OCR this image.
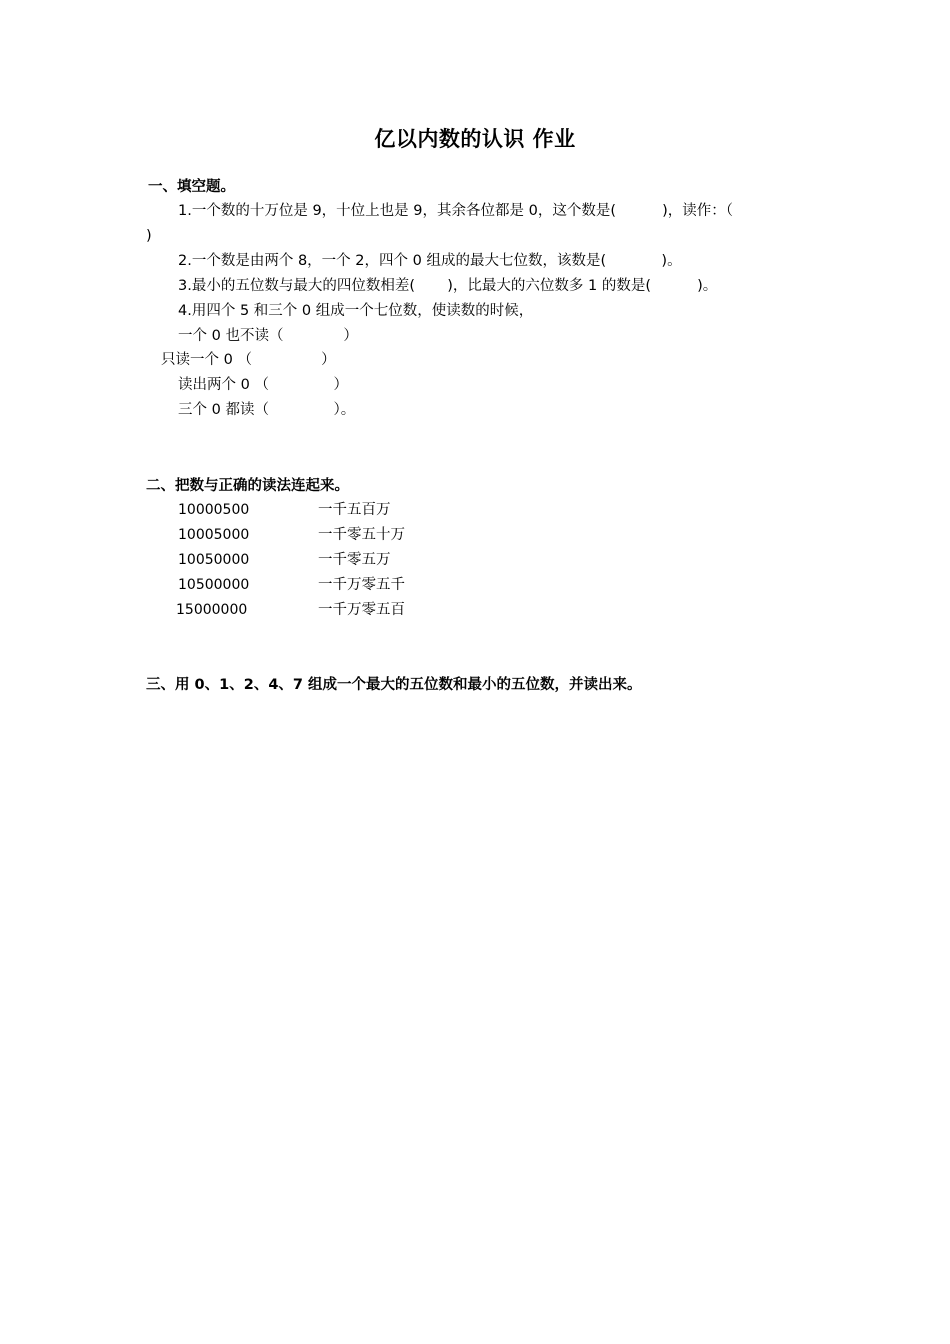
亿以内数的认识 作业
一、填空题。
1.一个数的十万位是 9，十位上也是 9，其余各位都是 0，这个数是(          )，读作：（
)
2.一个数是由两个 8，一个 2，四个 0 组成的最大七位数，该数是(            )。
3.最小的五位数与最大的四位数相差(       )，比最大的六位数多 1 的数是(          )。
4.用四个 5 和三个 0 组成一个七位数，使读数的时候，
一个 0 也不读（             ）
只读一个 0 （               ）
读出两个 0 （              ）
三个 0 都读（              ）。
二、把数与正确的读法连起来。
10000500
10005000
10050000
10500000
15000000
一千五百万
一千零五十万
一千零五万
一千万零五千
一千万零五百
三、用 0、1、2、4、7 组成一个最大的五位数和最小的五位数，并读出来。
